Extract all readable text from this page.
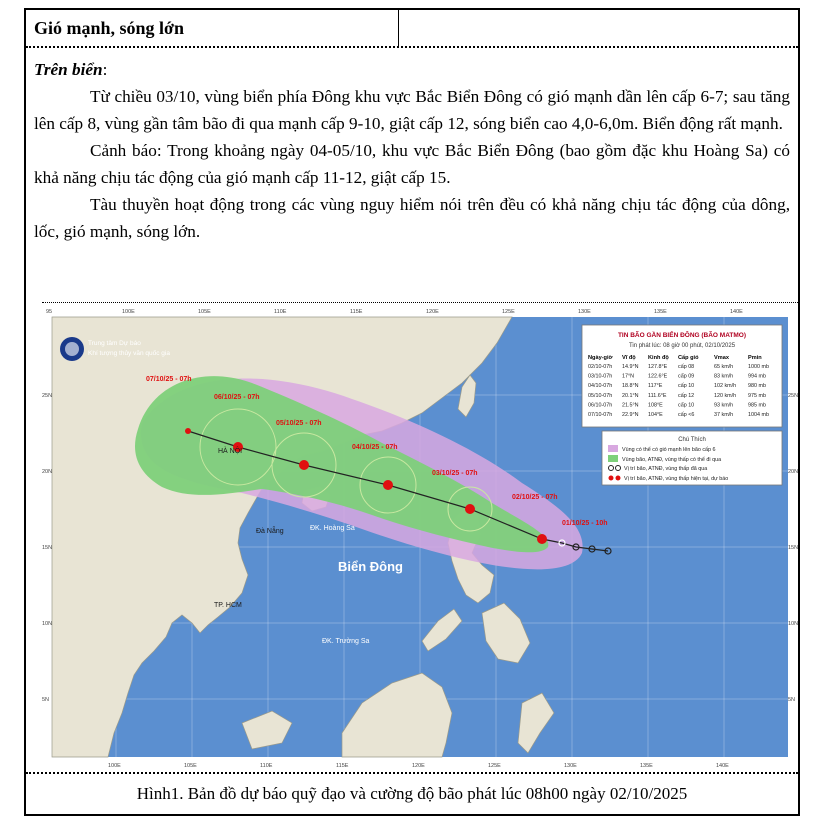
Gió mạnh, sóng lớn

Trên biển:

Từ chiều 03/10, vùng biển phía Đông khu vực Bắc Biển Đông có gió mạnh dần lên cấp 6-7; sau tăng lên cấp 8, vùng gần tâm bão đi qua mạnh cấp 9-10, giật cấp 12, sóng biển cao 4,0-6,0m. Biển động rất mạnh.

Cảnh báo: Trong khoảng ngày 04-05/10, khu vực Bắc Biển Đông (bao gồm đặc khu Hoàng Sa) có khả năng chịu tác động của gió mạnh cấp 11-12, giật cấp 15.

Tàu thuyền hoạt động trong các vùng nguy hiểm nói trên đều có khả năng chịu tác động của dông, lốc, gió mạnh, sóng lớn.

07/10/25 - 07h
06/10/25 - 07h
05/10/25 - 07h
04/10/25 - 07h
03/10/25 - 07h
02/10/25 - 07h
01/10/25 - 10h
HÀ NỘI
Đà Nẵng	ĐK. Hoàng Sa
TP. HCM
ĐK. Trường Sa
Biển Đông
Trung tâm Dự báo
Khí tượng thủy văn quốc gia
TIN BÃO GẦN BIỂN ĐÔNG (BÃO MATMO)
Tin phát lúc: 08 giờ 00 phút, 02/10/2025
Ngày-giờ Vĩ độ Kinh độ Cấp gió	Vmax	Pmin
02/10-07h 14.9°N 127.8°E cấp 08	65 km/h	1000 mb
03/10-07h 17°N	122.6°E cấp 09	83 km/h	994 mb
04/10-07h 18.8°N 117°E	cấp 10	102 km/h 980 mb
05/10-07h 20.1°N 111.6°E cấp 12	120 km/h 975 mb
06/10-07h 21.5°N 108°E	cấp 10	93 km/h	985 mb
07/10-07h 22.9°N 104°E	cấp <6	37 km/h	1004 mb
Chú Thích
Vùng có thể có gió mạnh lên bão cấp 6
Vùng bão, ATNĐ, vùng thấp có thể đi qua
Vị trí bão, ATNĐ, vùng thấp đã qua
Vị trí bão, ATNĐ, vùng thấp hiện tại, dự báo
95	100E	105E	110E	115E	120E	125E	130E	135E	140E
100E	105E	110E	115E	120E	125E	130E	135E	140E
25N
20N
15N
10N
5N
25N
20N
15N
10N
5N
Hình1. Bản đồ dự báo quỹ đạo và cường độ bão phát lúc 08h00 ngày 02/10/2025
